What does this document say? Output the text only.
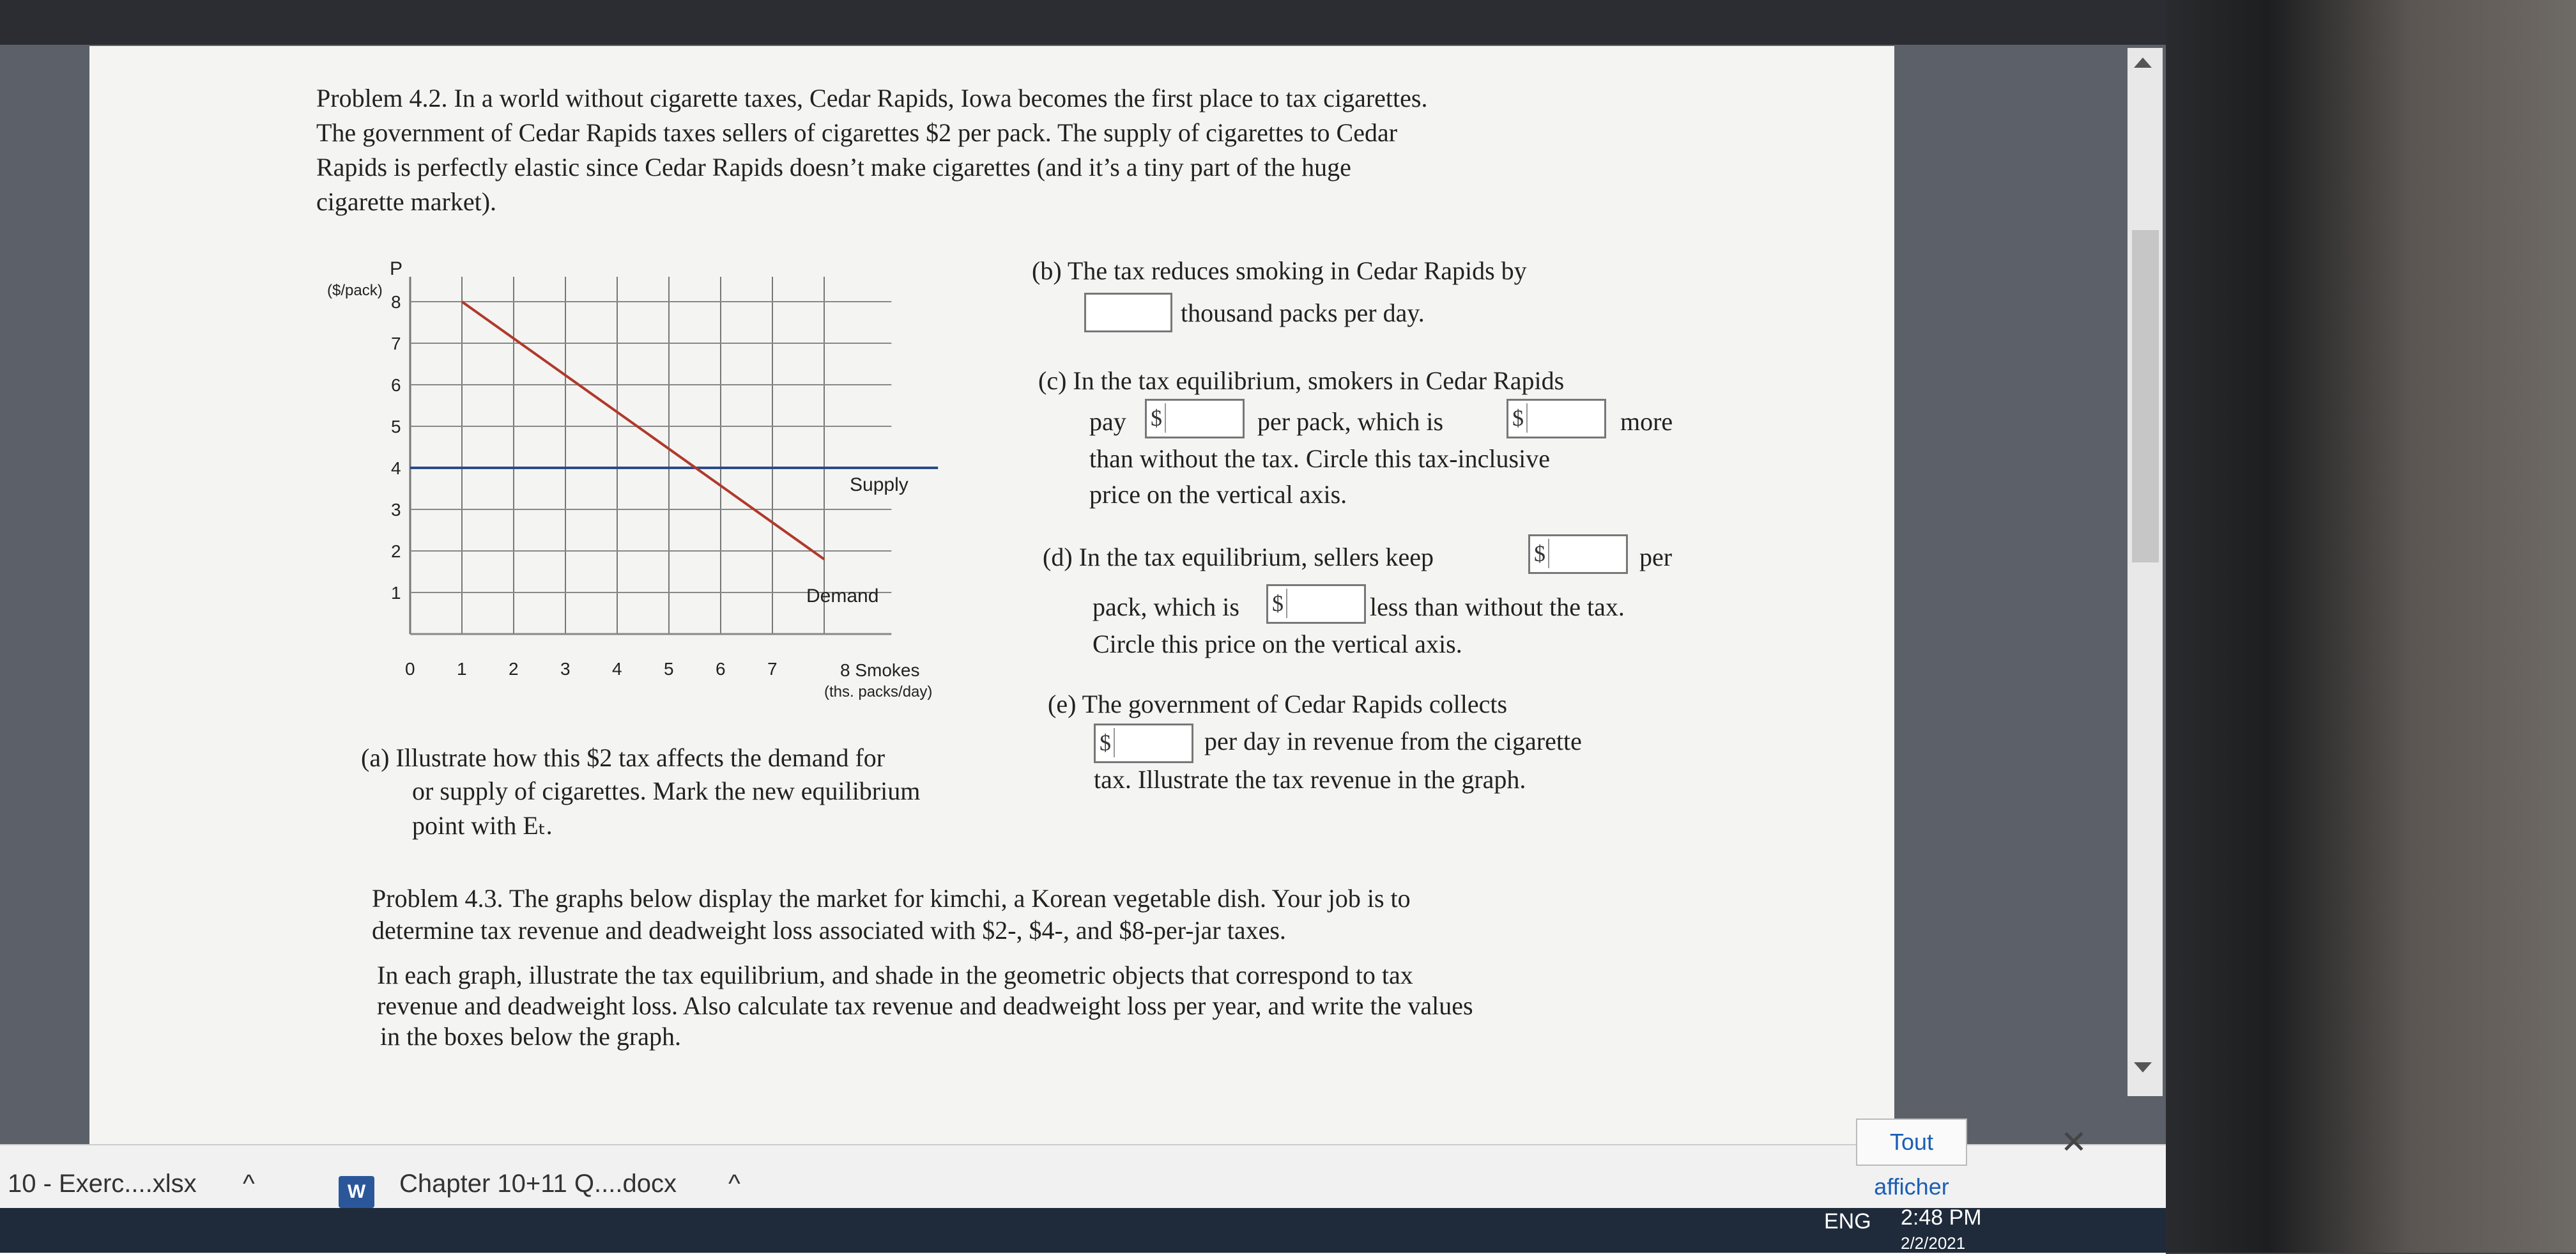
Problem 4.2. In a world without cigarette taxes, Cedar Rapids, Iowa becomes the first place to tax cigarettes.
The government of Cedar Rapids taxes sellers of cigarettes $2 per pack. The supply of cigarettes to Cedar
Rapids is perfectly elastic since Cedar Rapids doesn’t make cigarettes (and it’s a tiny part of the huge
cigarette market).
8
7
6
5
4
3
2
1
0 1 2 3 4 5 6 7
P
($/pack)
8 Smokes
(ths. packs/day)
Supply
Demand
(b) The tax reduces smoking in Cedar Rapids by
thousand packs per day.
(c) In the tax equilibrium, smokers in Cedar Rapids
pay $	per pack, which is	$	more
than without the tax. Circle this tax-inclusive
price on the vertical axis.
(d) In the tax equilibrium, sellers keep	$	per
pack, which is $	less than without the tax.
Circle this price on the vertical axis.
(e) The government of Cedar Rapids collects
$	per day in revenue from the cigarette
tax. Illustrate the tax revenue in the graph.
(a) Illustrate how this $2 tax affects the demand for
or supply of cigarettes. Mark the new equilibrium
point with Eₜ.
Problem 4.3. The graphs below display the market for kimchi, a Korean vegetable dish. Your job is to
determine tax revenue and deadweight loss associated with $2-, $4-, and $8-per-jar taxes.
In each graph, illustrate the tax equilibrium, and shade in the geometric objects that correspond to tax
revenue and deadweight loss. Also calculate tax revenue and deadweight loss per year, and write the values
in the boxes below the graph.
Tout afficher
✕
10 - Exerc....xlsx ^	W	Chapter 10+11 Q....docx ^
ENG 2:48 PM
2/2/2021
